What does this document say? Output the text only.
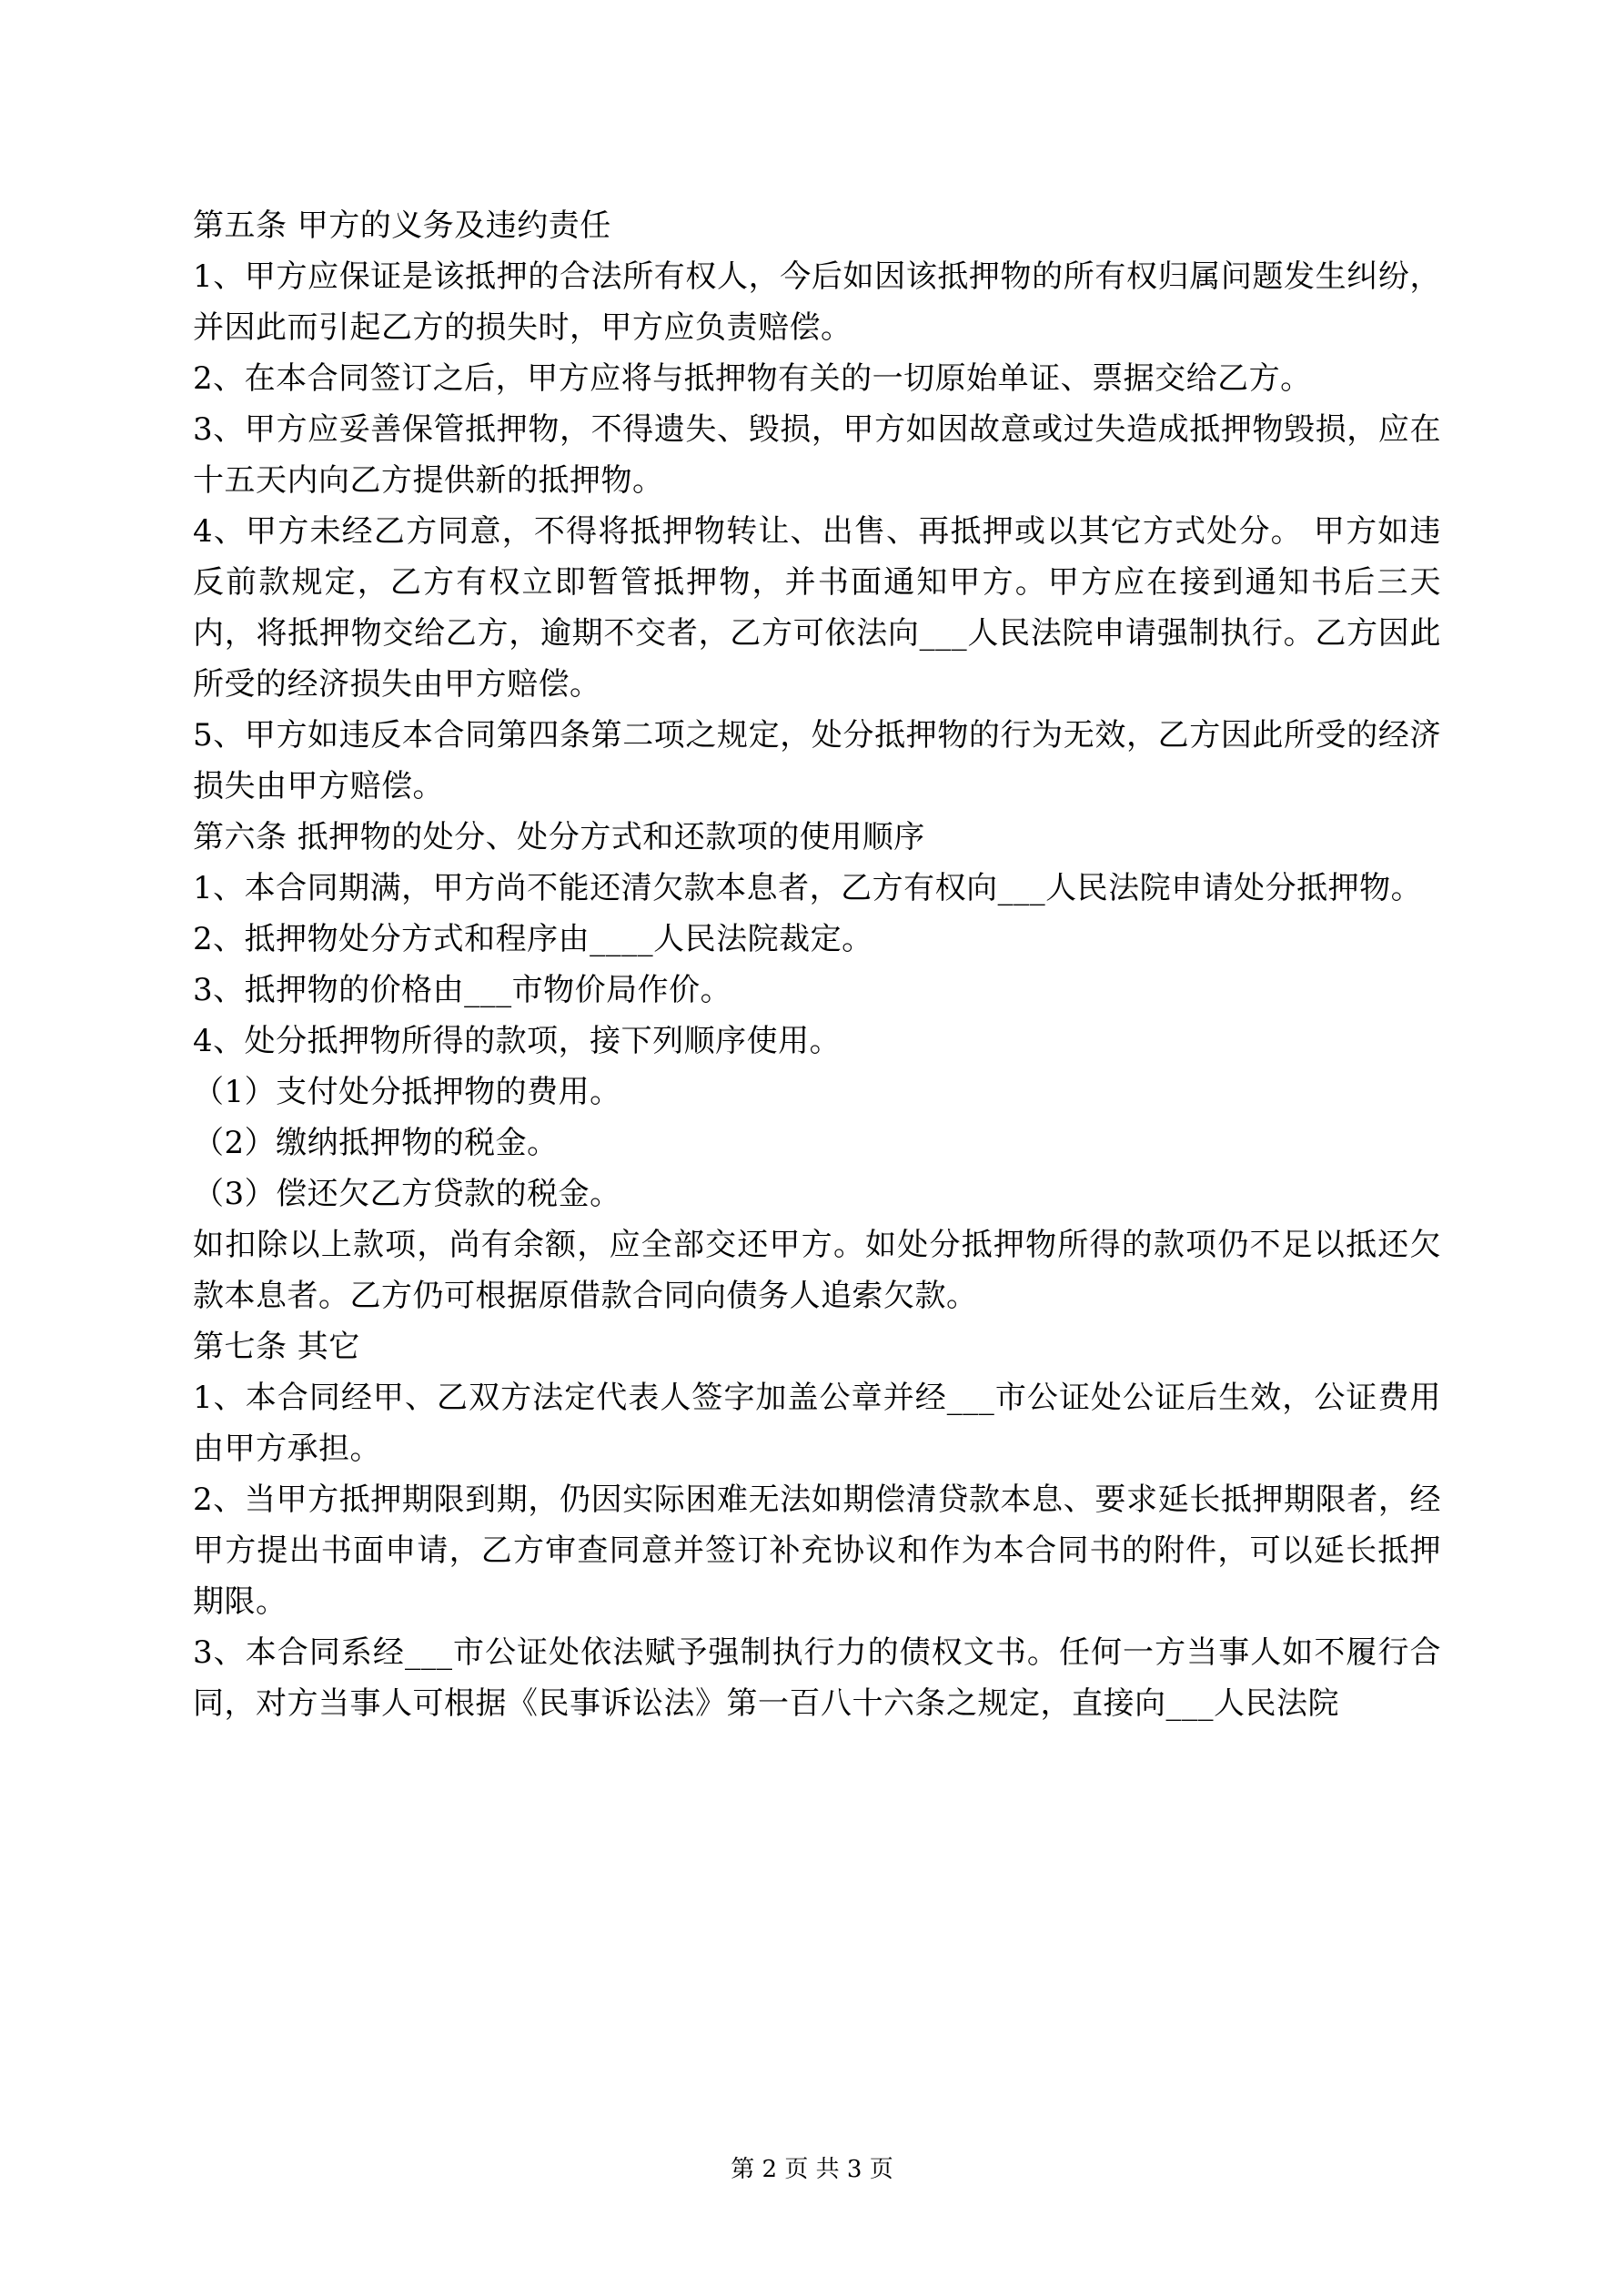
第五条 甲方的义务及违约责任

1、甲方应保证是该抵押的合法所有权人，今后如因该抵押物的所有权归属问题发生纠纷，并因此而引起乙方的损失时，甲方应负责赔偿。

2、在本合同签订之后，甲方应将与抵押物有关的一切原始单证、票据交给乙方。

3、甲方应妥善保管抵押物，不得遗失、毁损，甲方如因故意或过失造成抵押物毁损，应在十五天内向乙方提供新的抵押物。

4、甲方未经乙方同意，不得将抵押物转让、出售、再抵押或以其它方式处分。 甲方如违反前款规定，乙方有权立即暂管抵押物，并书面通知甲方。甲方应在接到通知书后三天内，将抵押物交给乙方，逾期不交者，乙方可依法向___人民法院申请强制执行。乙方因此所受的经济损失由甲方赔偿。

5、甲方如违反本合同第四条第二项之规定，处分抵押物的行为无效，乙方因此所受的经济损失由甲方赔偿。

第六条 抵押物的处分、处分方式和还款项的使用顺序

1、本合同期满，甲方尚不能还清欠款本息者，乙方有权向___人民法院申请处分抵押物。

2、抵押物处分方式和程序由____人民法院裁定。

3、抵押物的价格由___市物价局作价。

4、处分抵押物所得的款项，接下列顺序使用。

（1）支付处分抵押物的费用。

（2）缴纳抵押物的税金。

（3）偿还欠乙方贷款的税金。

如扣除以上款项，尚有余额，应全部交还甲方。如处分抵押物所得的款项仍不足以抵还欠款本息者。乙方仍可根据原借款合同向债务人追索欠款。

第七条 其它

1、本合同经甲、乙双方法定代表人签字加盖公章并经___市公证处公证后生效，公证费用由甲方承担。

2、当甲方抵押期限到期，仍因实际困难无法如期偿清贷款本息、要求延长抵押期限者，经甲方提出书面申请，乙方审查同意并签订补充协议和作为本合同书的附件，可以延长抵押期限。

3、本合同系经___市公证处依法赋予强制执行力的债权文书。任何一方当事人如不履行合同，对方当事人可根据《民事诉讼法》第一百八十六条之规定，直接向___人民法院

第 2 页 共 3 页
